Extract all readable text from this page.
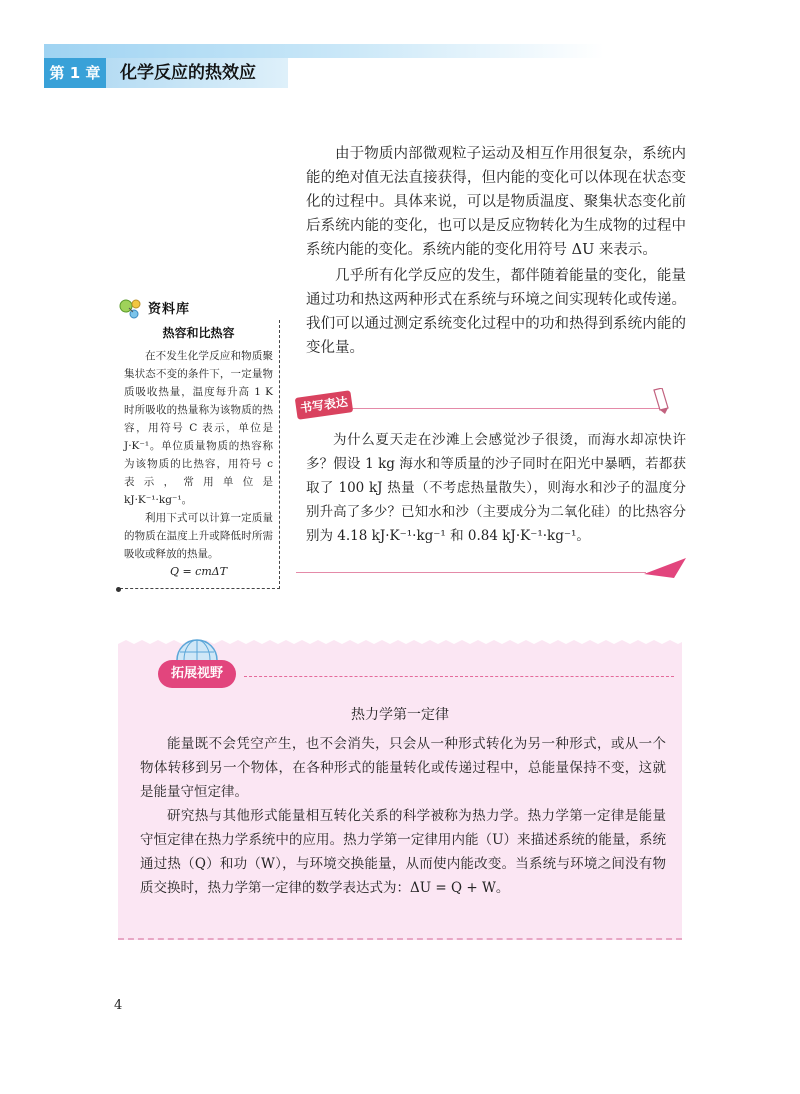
第 1 章	化学反应的热效应

由于物质内部微观粒子运动及相互作用很复杂，系统内能的绝对值无法直接获得，但内能的变化可以体现在状态变化的过程中。具体来说，可以是物质温度、聚集状态变化前后系统内能的变化，也可以是反应物转化为生成物的过程中系统内能的变化。系统内能的变化用符号 ΔU 来表示。

几乎所有化学反应的发生，都伴随着能量的变化，能量通过功和热这两种形式在系统与环境之间实现转化或传递。我们可以通过测定系统变化过程中的功和热得到系统内能的变化量。

资料库
热容和比热容

在不发生化学反应和物质聚集状态不变的条件下，一定量物质吸收热量，温度每升高 1 K 时所吸收的热量称为该物质的热容，用符号 C 表示，单位是 J·K⁻¹。单位质量物质的热容称为该物质的比热容，用符号 c 表示，常用单位是 kJ·K⁻¹·kg⁻¹。

利用下式可以计算一定质量的物质在温度上升或降低时所需吸收或释放的热量。

Q = cmΔT
书写表达

为什么夏天走在沙滩上会感觉沙子很烫，而海水却凉快许多？假设 1 kg 海水和等质量的沙子同时在阳光中暴晒，若都获取了 100 kJ 热量（不考虑热量散失），则海水和沙子的温度分别升高了多少？已知水和沙（主要成分为二氧化硅）的比热容分别为 4.18 kJ·K⁻¹·kg⁻¹ 和 0.84 kJ·K⁻¹·kg⁻¹。

拓展视野
热力学第一定律

能量既不会凭空产生，也不会消失，只会从一种形式转化为另一种形式，或从一个物体转移到另一个物体，在各种形式的能量转化或传递过程中，总能量保持不变，这就是能量守恒定律。

研究热与其他形式能量相互转化关系的科学被称为热力学。热力学第一定律是能量守恒定律在热力学系统中的应用。热力学第一定律用内能（U）来描述系统的能量，系统通过热（Q）和功（W），与环境交换能量，从而使内能改变。当系统与环境之间没有物质交换时，热力学第一定律的数学表达式为：ΔU = Q + W。

4
